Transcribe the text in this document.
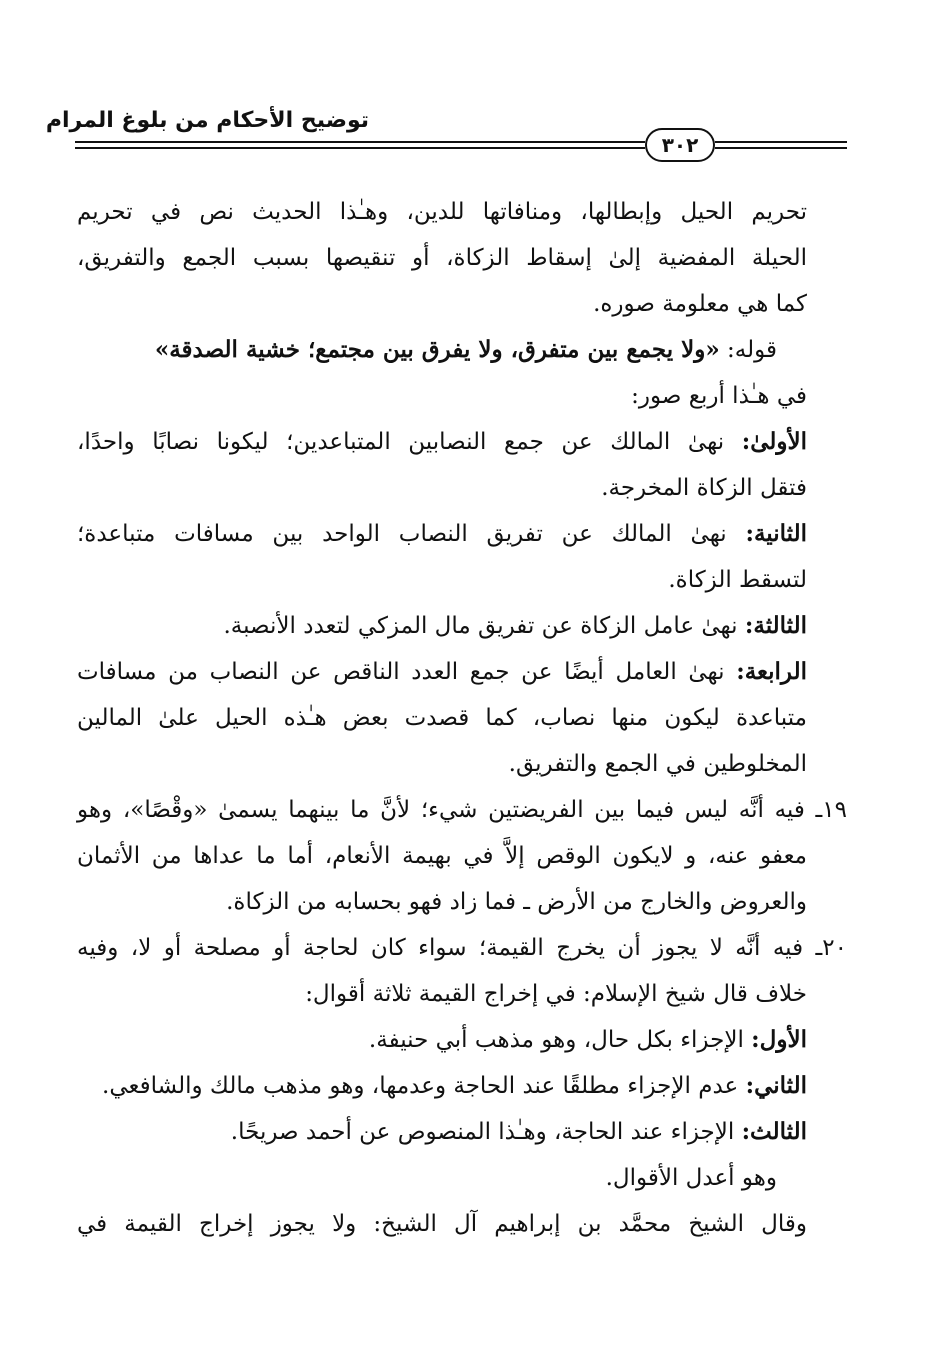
توضيح الأحكام من بلوغ المرام
٣٠٢
تحريم الحيل وإبطالها، ومنافاتها للدين، وهـٰذا الحديث نص في تحريم
الحيلة المفضية إلىٰ إسقاط الزكاة، أو تنقيصها بسبب الجمع والتفريق،
كما هي معلومة صوره.
قوله: «ولا يجمع بين متفرق، ولا يفرق بين مجتمع؛ خشية الصدقة»
في هـٰذا أربع صور:
الأولىٰ: نهىٰ المالك عن جمع النصابين المتباعدين؛ ليكونا نصابًا واحدًا،
فتقل الزكاة المخرجة.
الثانية: نهىٰ المالك عن تفريق النصاب الواحد بين مسافات متباعدة؛
لتسقط الزكاة.
الثالثة: نهىٰ عامل الزكاة عن تفريق مال المزكي لتعدد الأنصبة.
الرابعة: نهىٰ العامل أيضًا عن جمع العدد الناقص عن النصاب من مسافات
متباعدة ليكون منها نصاب، كما قصدت بعض هـٰذه الحيل علىٰ المالين
المخلوطين في الجمع والتفريق.
١٩ـ فيه أنَّه ليس فيما بين الفريضتين شيء؛ لأنَّ ما بينهما يسمىٰ «وقْصًا»، وهو
معفو عنه، و لايكون الوقص إلاَّ في بهيمة الأنعام، أما ما عداها من الأثمان
والعروض والخارج من الأرض ـ فما زاد فهو بحسابه من الزكاة.
٢٠ـ فيه أنَّه لا يجوز أن يخرج القيمة؛ سواء كان لحاجة أو مصلحة أو لا، وفيه
خلاف قال شيخ الإسلام: في إخراج القيمة ثلاثة أقوال:
الأول: الإجزاء بكل حال، وهو مذهب أبي حنيفة.
الثاني: عدم الإجزاء مطلقًا عند الحاجة وعدمها، وهو مذهب مالك والشافعي.
الثالث: الإجزاء عند الحاجة، وهـٰذا المنصوص عن أحمد صريحًا.
وهو أعدل الأقوال.
وقال الشيخ محمَّد بن إبراهيم آل الشيخ: ولا يجوز إخراج القيمة في
